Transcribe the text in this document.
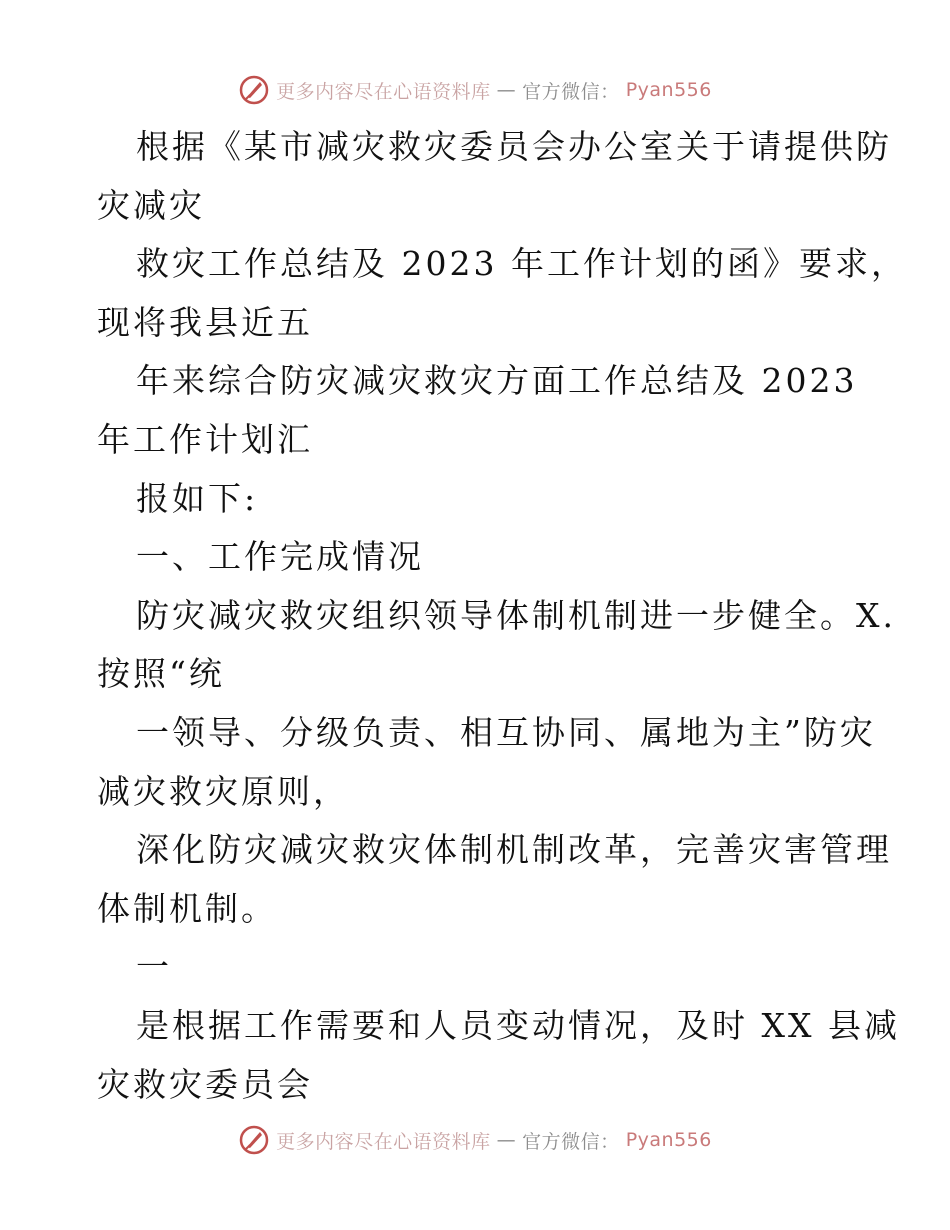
更多内容尽在心语资料库 — 官方微信： Pyan556
根据《某市减灾救灾委员会办公室关于请提供防
灾减灾
救灾工作总结及 2023 年工作计划的函》要求，
现将我县近五
年来综合防灾减灾救灾方面工作总结及 2023
年工作计划汇
报如下:
一、工作完成情况
防灾减灾救灾组织领导体制机制进一步健全。X.
按照“统
一领导、分级负责、相互协同、属地为主”防灾
减灾救灾原则，
深化防灾减灾救灾体制机制改革，完善灾害管理
体制机制。
一
是根据工作需要和人员变动情况，及时 XX 县减
灾救灾委员会
更多内容尽在心语资料库 — 官方微信： Pyan556
